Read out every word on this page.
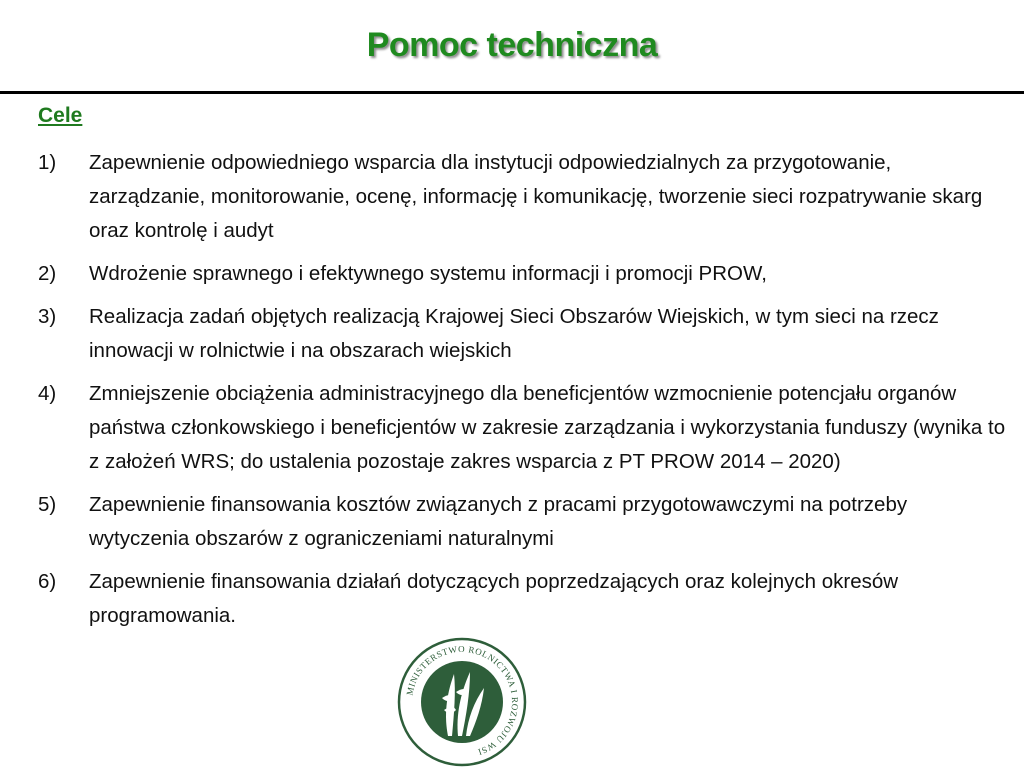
Pomoc techniczna
Cele
1)	Zapewnienie odpowiedniego wsparcia dla instytucji odpowiedzialnych za przygotowanie, zarządzanie, monitorowanie, ocenę, informację i komunikację, tworzenie sieci rozpatrywanie skarg oraz kontrolę i audyt
2)	Wdrożenie sprawnego i efektywnego systemu informacji i promocji PROW,
3)	Realizacja zadań objętych realizacją Krajowej Sieci Obszarów Wiejskich, w tym sieci na rzecz innowacji w rolnictwie i na obszarach wiejskich
4)	Zmniejszenie obciążenia administracyjnego dla beneficjentów wzmocnienie potencjału organów państwa członkowskiego i beneficjentów w zakresie zarządzania i wykorzystania funduszy (wynika to z założeń WRS; do ustalenia pozostaje zakres wsparcia z PT PROW 2014 – 2020)
5)	Zapewnienie finansowania kosztów związanych z pracami przygotowawczymi na potrzeby wytyczenia obszarów z ograniczeniami naturalnymi
6)	Zapewnienie finansowania działań dotyczących poprzedzających oraz kolejnych okresów programowania.
MINISTERSTWO ROLNICTWA I ROZWOJU WSI
